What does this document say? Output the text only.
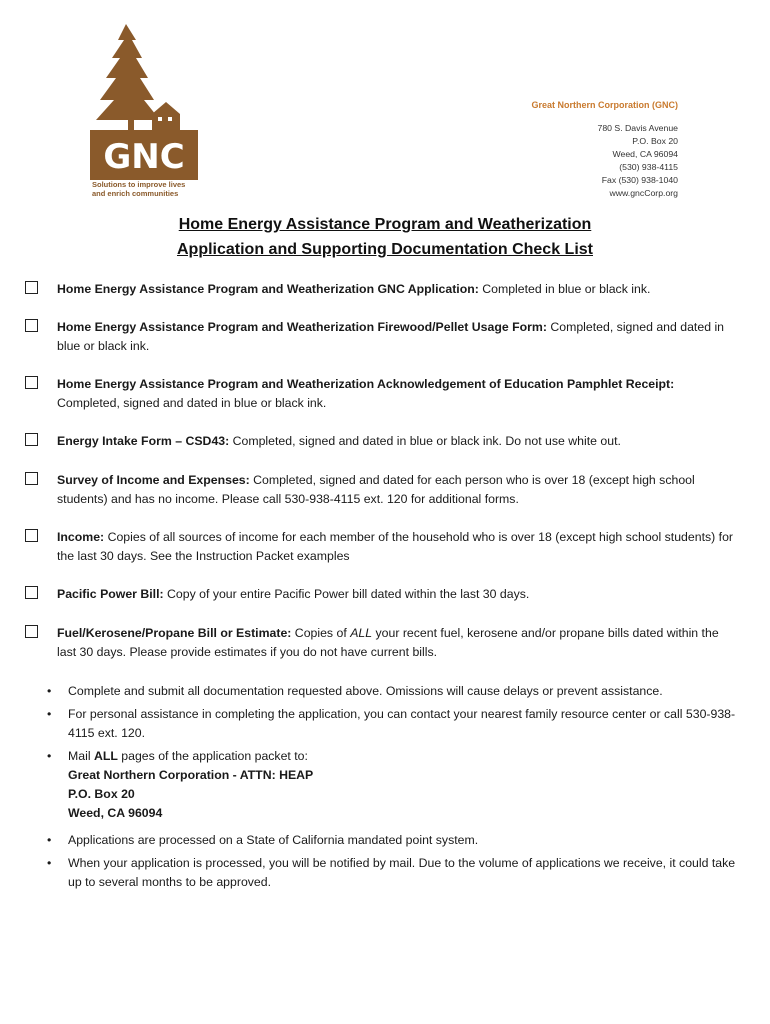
GNC
Solutions to improve lives
and enrich communities
Great Northern Corporation (GNC)
780 S. Davis Avenue
P.O. Box 20
Weed, CA 96094
(530) 938-4115
Fax (530) 938-1040
www.gncCorp.org
Home Energy Assistance Program and Weatherization
Application and Supporting Documentation Check List
Home Energy Assistance Program and Weatherization GNC Application: Completed in blue or black ink.
Home Energy Assistance Program and Weatherization Firewood/Pellet Usage Form: Completed, signed and dated in blue or black ink.
Home Energy Assistance Program and Weatherization Acknowledgement of Education Pamphlet Receipt: Completed, signed and dated in blue or black ink.
Energy Intake Form – CSD43: Completed, signed and dated in blue or black ink. Do not use white out.
Survey of Income and Expenses: Completed, signed and dated for each person who is over 18 (except high school students) and has no income. Please call 530-938-4115 ext. 120 for additional forms.
Income: Copies of all sources of income for each member of the household who is over 18 (except high school students) for the last 30 days. See the Instruction Packet examples
Pacific Power Bill: Copy of your entire Pacific Power bill dated within the last 30 days.
Fuel/Kerosene/Propane Bill or Estimate: Copies of ALL your recent fuel, kerosene and/or propane bills dated within the last 30 days. Please provide estimates if you do not have current bills.
• Complete and submit all documentation requested above. Omissions will cause delays or prevent assistance.
• For personal assistance in completing the application, you can contact your nearest family resource center or call 530-938-4115 ext. 120.
• Mail ALL pages of the application packet to:
Great Northern Corporation - ATTN: HEAP
P.O. Box 20
Weed, CA 96094
• Applications are processed on a State of California mandated point system.
• When your application is processed, you will be notified by mail. Due to the volume of applications we receive, it could take up to several months to be approved.
